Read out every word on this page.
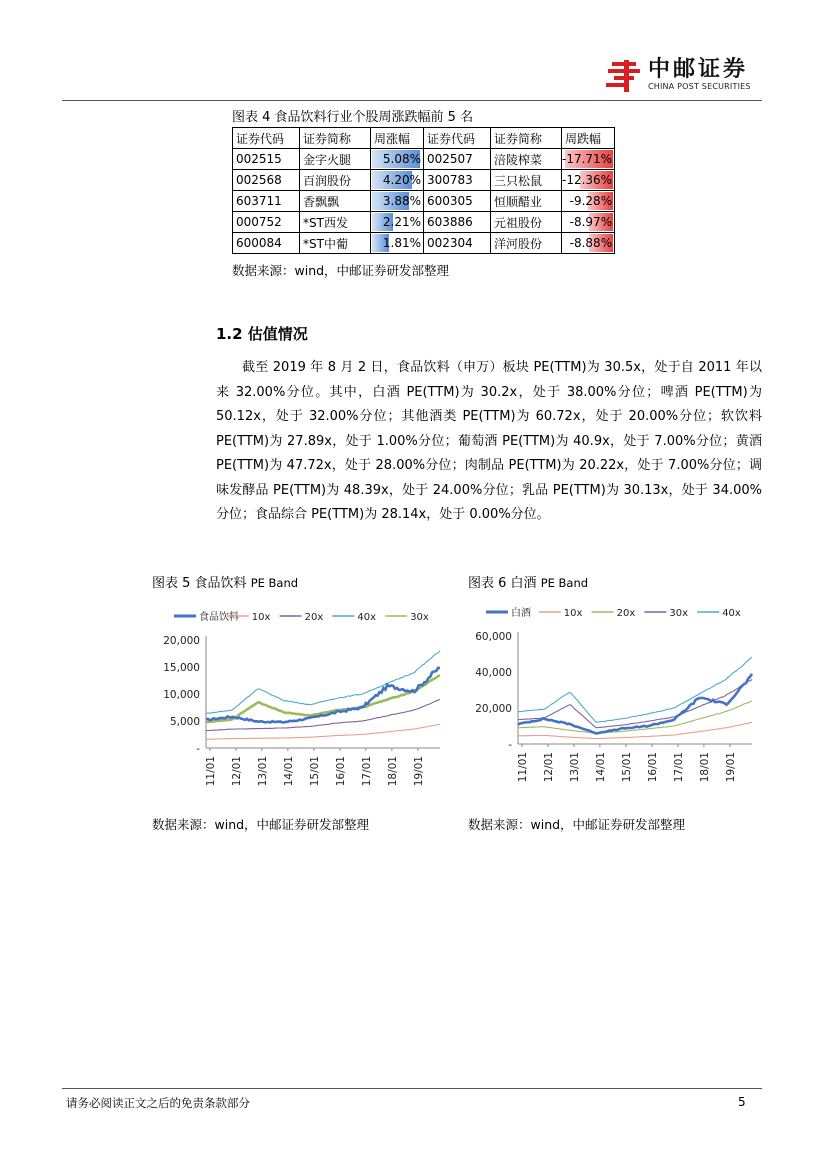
中邮证券
CHINA POST SECURITIES
图表 4 食品饮料行业个股周涨跌幅前 5 名
证券代码	证券简称	周涨幅	证券代码	证券简称	周跌幅
002515	金字火腿	5.08%	002507	涪陵榨菜	-17.71%
002568	百润股份	4.20%	300783	三只松鼠	-12.36%
603711	香飘飘	3.88%	600305	恒顺醋业	-9.28%
000752	*ST西发	2.21%	603886	元祖股份	-8.97%
600084	*ST中葡	1.81%	002304	洋河股份	-8.88%
数据来源：wind，中邮证券研发部整理
1.2 估值情况
截至 2019 年 8 月 2 日，食品饮料（申万）板块 PE(TTM)为 30.5x，处于自 2011 年以来 32.00%分位。其中，白酒 PE(TTM)为 30.2x，处于 38.00%分位；啤酒 PE(TTM)为 50.12x，处于 32.00%分位；其他酒类 PE(TTM)为 60.72x，处于 20.00%分位；软饮料 PE(TTM)为 27.89x，处于 1.00%分位；葡萄酒 PE(TTM)为 40.9x，处于 7.00%分位；黄酒 PE(TTM)为 47.72x，处于 28.00%分位；肉制品 PE(TTM)为 20.22x，处于 7.00%分位；调味发酵品 PE(TTM)为 48.39x，处于 24.00%分位；乳品 PE(TTM)为 30.13x，处于 34.00%分位；食品综合 PE(TTM)为 28.14x，处于 0.00%分位。
图表 5 食品饮料 PE Band
食品饮料 10x	20x	40x	30x
-
5,000
10,000
15,000
20,000
11/01 12/01 13/01 14/01 15/01 16/01 17/01 18/01 19/01
数据来源：wind，中邮证券研发部整理
图表 6 白酒 PE Band
白酒	10x	20x	30x	40x
-
20,000
40,000
60,000
11/01 12/01 13/01 14/01 15/01 16/01 17/01 18/01 19/01
数据来源：wind，中邮证券研发部整理
请务必阅读正文之后的免责条款部分	5
